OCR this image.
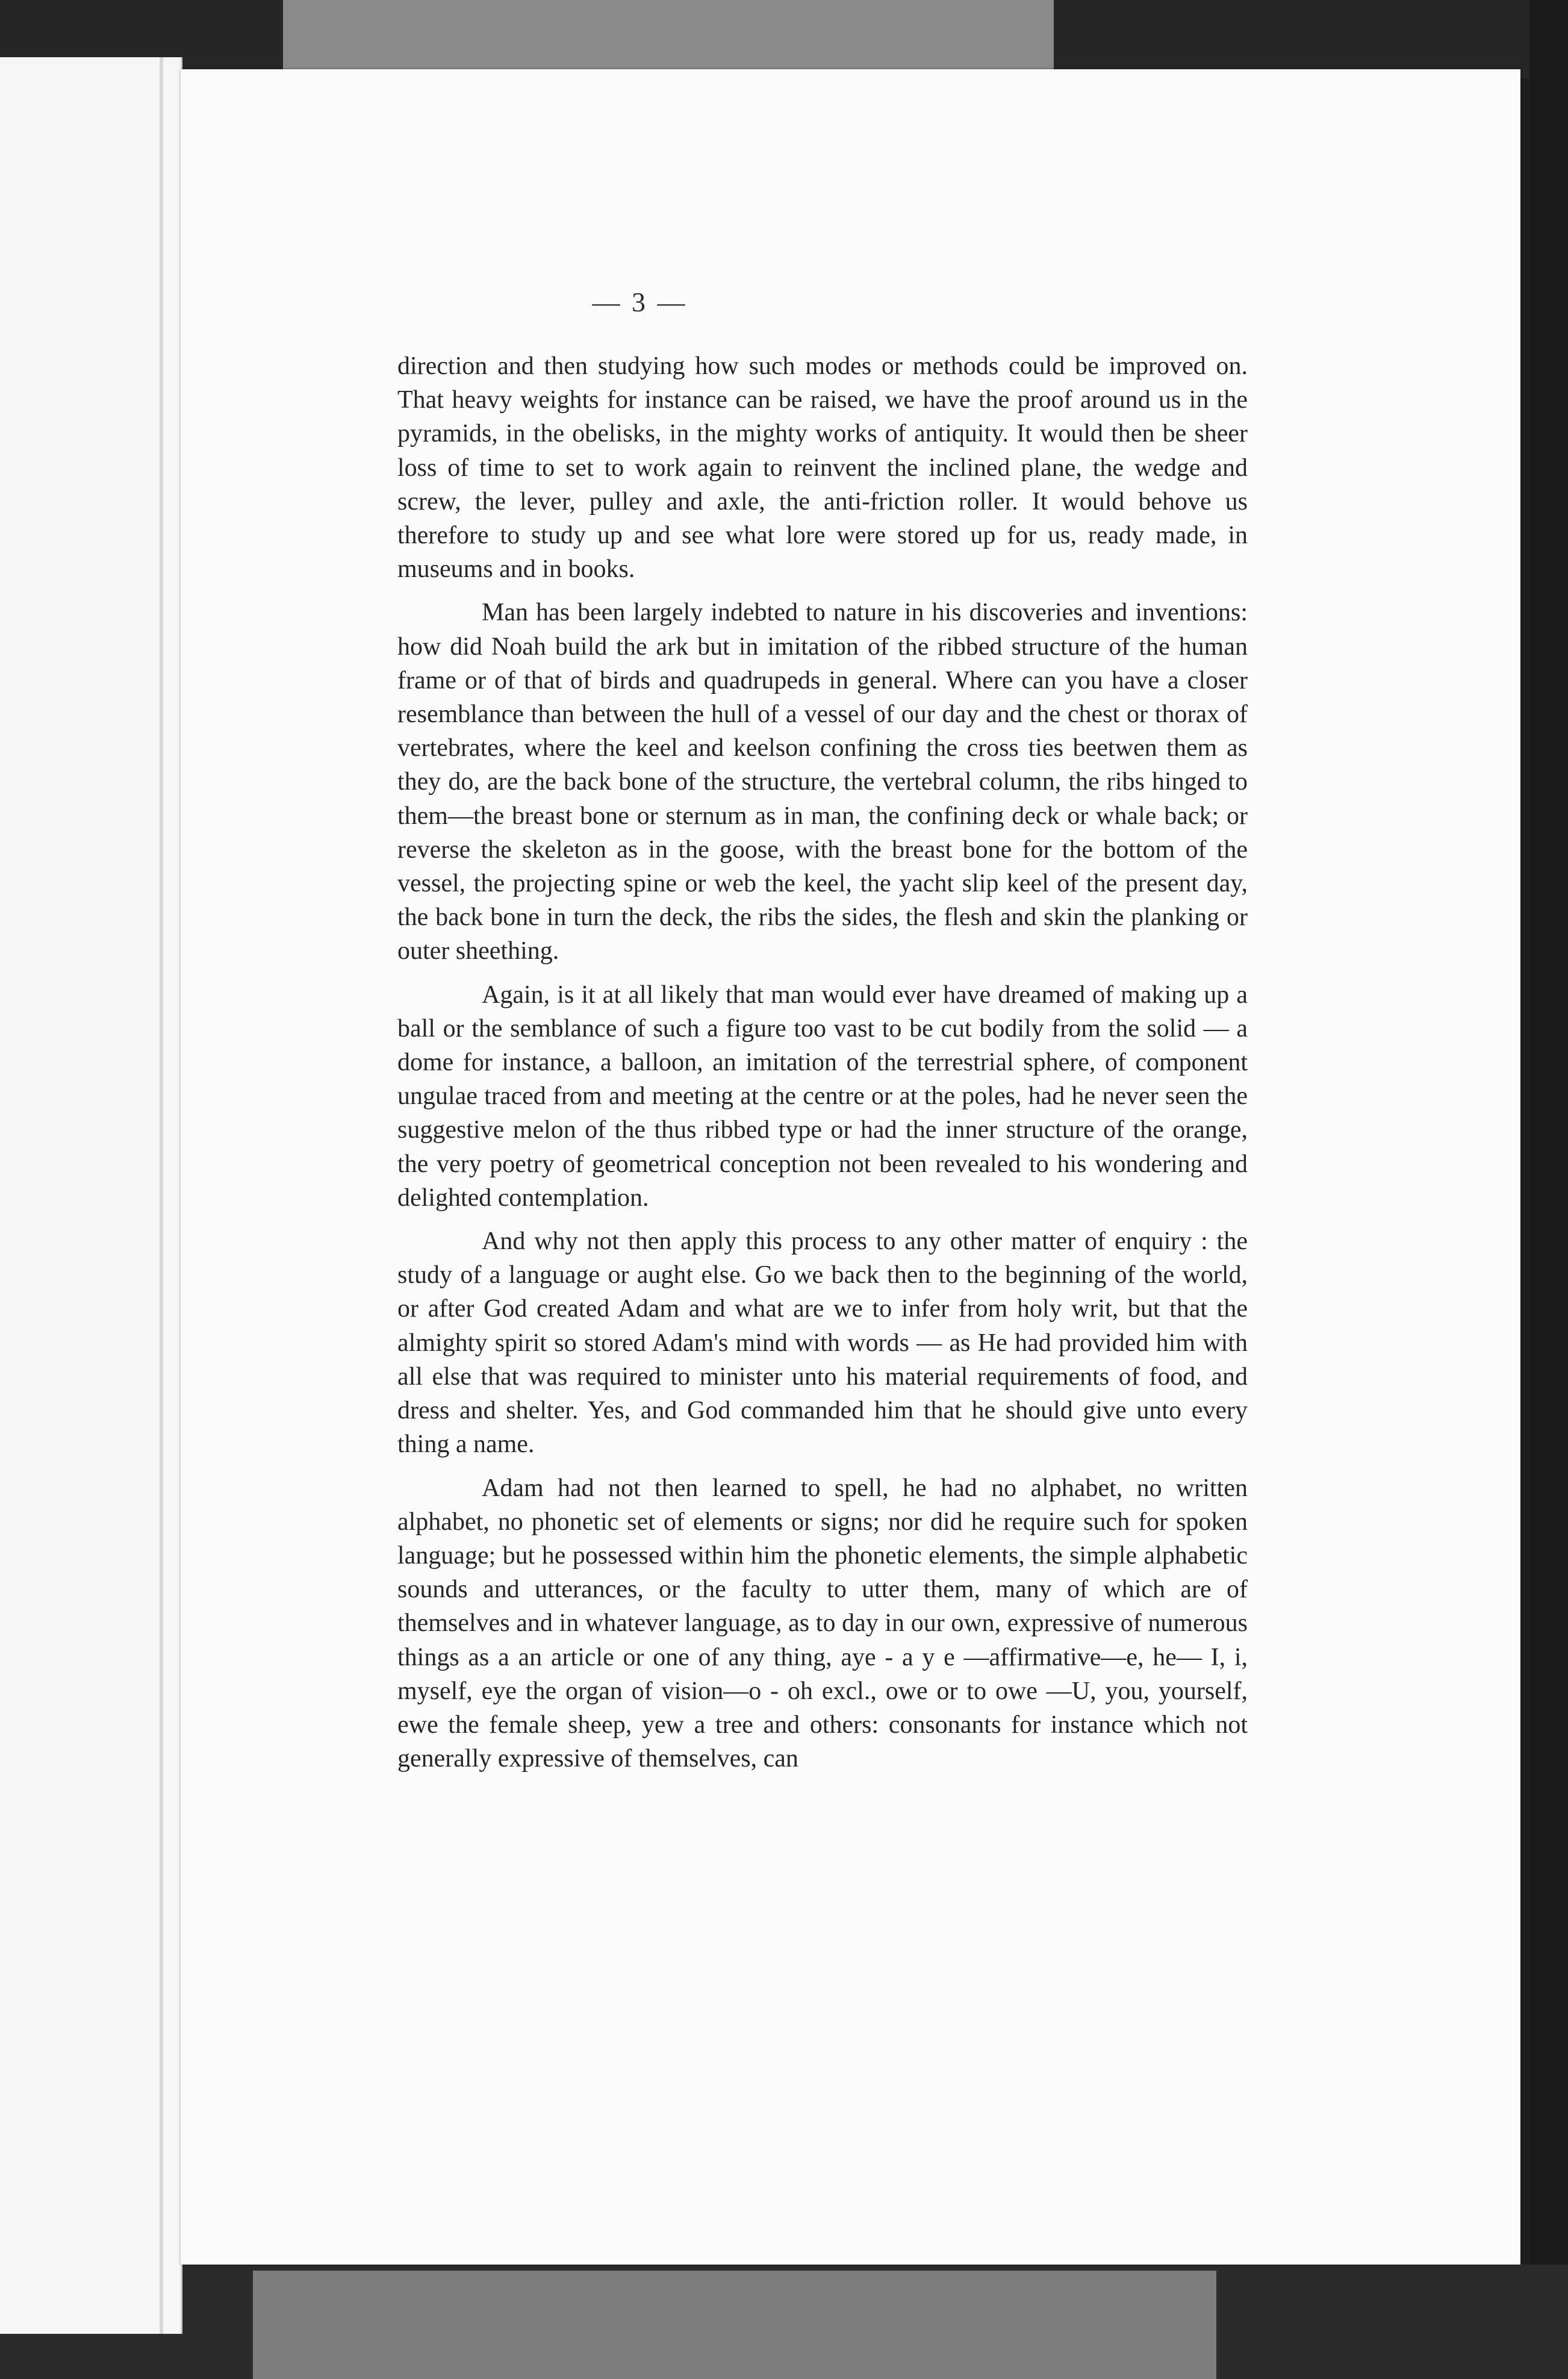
— 3 —

direction and then studying how such modes or methods could be improved on. That heavy weights for instance can be raised, we have the proof around us in the pyramids, in the obelisks, in the mighty works of antiquity. It would then be sheer loss of time to set to work again to reinvent the inclined plane, the wedge and screw, the lever, pulley and axle, the anti-friction roller. It would behove us therefore to study up and see what lore were stored up for us, ready made, in museums and in books.

Man has been largely indebted to nature in his discoveries and inventions: how did Noah build the ark but in imitation of the ribbed structure of the human frame or of that of birds and quadrupeds in general. Where can you have a closer resemblance than between the hull of a vessel of our day and the chest or thorax of vertebrates, where the keel and keelson confining the cross ties beetwen them as they do, are the back bone of the structure, the vertebral column, the ribs hinged to them—the breast bone or sternum as in man, the confining deck or whale back; or reverse the skeleton as in the goose, with the breast bone for the bottom of the vessel, the projecting spine or web the keel, the yacht slip keel of the present day, the back bone in turn the deck, the ribs the sides, the flesh and skin the planking or outer sheething.

Again, is it at all likely that man would ever have dreamed of making up a ball or the semblance of such a figure too vast to be cut bodily from the solid — a dome for instance, a balloon, an imitation of the terrestrial sphere, of component ungulae traced from and meeting at the centre or at the poles, had he never seen the suggestive melon of the thus ribbed type or had the inner structure of the orange, the very poetry of geometrical conception not been revealed to his wondering and delighted contemplation.

And why not then apply this process to any other matter of enquiry : the study of a language or aught else. Go we back then to the beginning of the world, or after God created Adam and what are we to infer from holy writ, but that the almighty spirit so stored Adam's mind with words — as He had provided him with all else that was required to minister unto his material requirements of food, and dress and shelter. Yes, and God commanded him that he should give unto every thing a name.

Adam had not then learned to spell, he had no alphabet, no written alphabet, no phonetic set of elements or signs; nor did he require such for spoken language; but he possessed within him the phonetic elements, the simple alphabetic sounds and utterances, or the faculty to utter them, many of which are of themselves and in whatever language, as to day in our own, expressive of numerous things as a an article or one of any thing, aye - a y e —affirmative—e, he— I, i, myself, eye the organ of vision—o - oh excl., owe or to owe —U, you, yourself, ewe the female sheep, yew a tree and others: consonants for instance which not generally expressive of themselves, can
